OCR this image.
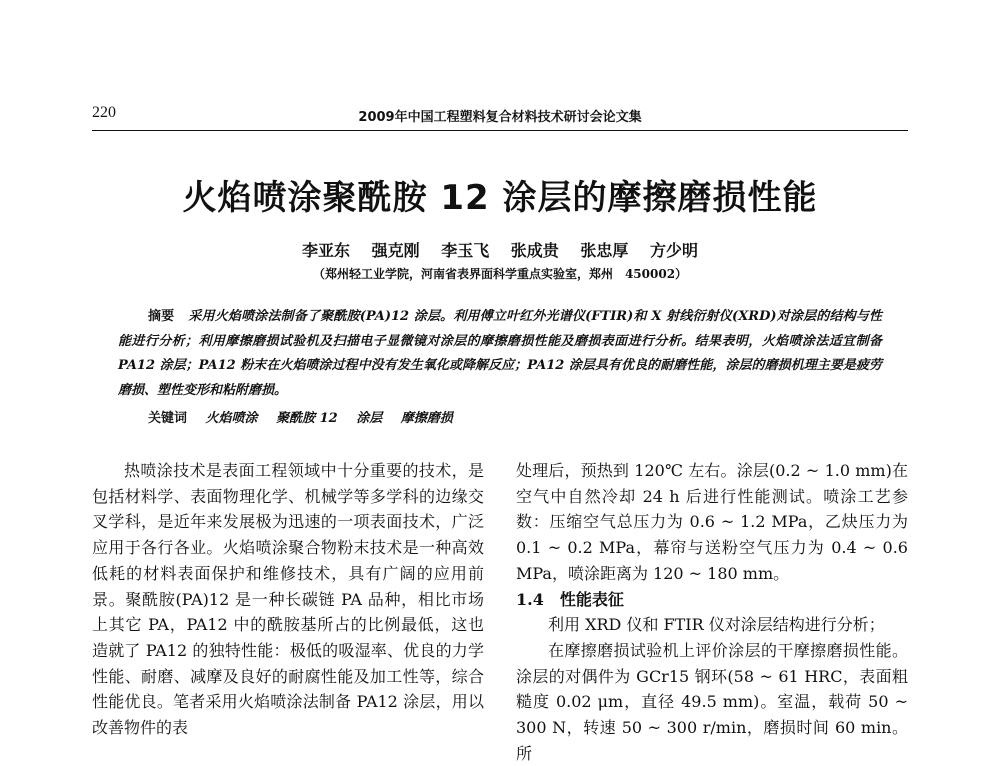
220	2009年中国工程塑料复合材料技术研讨会论文集
火焰喷涂聚酰胺 12 涂层的摩擦磨损性能
李亚东 强克刚 李玉飞 张成贵 张忠厚 方少明
（郑州轻工业学院，河南省表界面科学重点实验室，郑州　450002）
摘要 采用火焰喷涂法制备了聚酰胺(PA)12 涂层。利用傅立叶红外光谱仪(FTIR)和 X 射线衍射仪(XRD)对涂层的结构与性能进行分析；利用摩擦磨损试验机及扫描电子显微镜对涂层的摩擦磨损性能及磨损表面进行分析。结果表明，火焰喷涂法适宜制备 PA12 涂层；PA12 粉末在火焰喷涂过程中没有发生氧化或降解反应；PA12 涂层具有优良的耐磨性能，涂层的磨损机理主要是疲劳磨损、塑性变形和粘附磨损。
关键词 火焰喷涂 聚酰胺 12 涂层 摩擦磨损

热喷涂技术是表面工程领域中十分重要的技术，是包括材料学、表面物理化学、机械学等多学科的边缘交叉学科，是近年来发展极为迅速的一项表面技术，广泛应用于各行各业。火焰喷涂聚合物粉末技术是一种高效低耗的材料表面保护和维修技术，具有广阔的应用前景。聚酰胺(PA)12 是一种长碳链 PA 品种，相比市场上其它 PA，PA12 中的酰胺基所占的比例最低，这也造就了 PA12 的独特性能：极低的吸湿率、优良的力学性能、耐磨、减摩及良好的耐腐性能及加工性等，综合性能优良。笔者采用火焰喷涂法制备 PA12 涂层，用以改善物件的表

处理后，预热到 120℃ 左右。涂层(0.2 ~ 1.0 mm)在空气中自然冷却 24 h 后进行性能测试。喷涂工艺参数：压缩空气总压力为 0.6 ~ 1.2 MPa，乙炔压力为 0.1 ~ 0.2 MPa，幕帘与送粉空气压力为 0.4 ~ 0.6 MPa，喷涂距离为 120 ~ 180 mm。

1.4　性能表征

利用 XRD 仪和 FTIR 仪对涂层结构进行分析；

在摩擦磨损试验机上评价涂层的干摩擦磨损性能。涂层的对偶件为 GCr15 钢环(58 ~ 61 HRC，表面粗糙度 0.02 μm，直径 49.5 mm)。室温，载荷 50 ~ 300 N，转速 50 ~ 300 r/min，磨损时间 60 min。所
